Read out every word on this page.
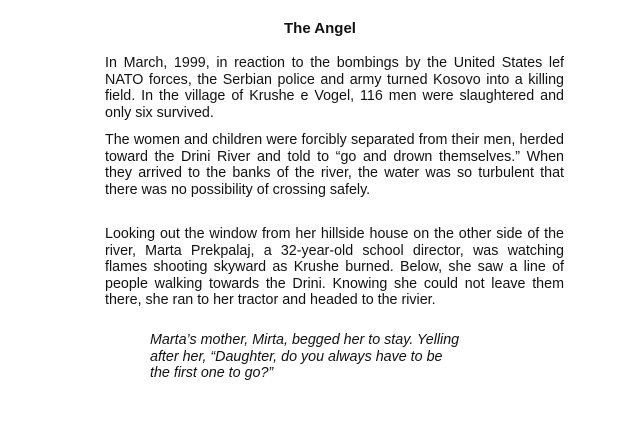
The Angel

In March, 1999, in reaction to the bombings by the United States lef NATO forces, the Serbian police and army turned Kosovo into a killing field. In the village of Krushe e Vogel, 116 men were slaughtered and only six survived.

The women and children were forcibly separated from their men, herded toward the Drini River and told to “go and drown themselves.” When they arrived to the banks of the river, the water was so turbulent that there was no possibility of crossing safely.

Looking out the window from her hillside house on the other side of the river, Marta Prekpalaj, a 32-year-old school director, was watching flames shooting skyward as Krushe burned. Below, she saw a line of people walking towards the Drini. Knowing she could not leave them there, she ran to her tractor and headed to the rivier.

Marta’s mother, Mirta, begged her to stay. Yelling
after her, “Daughter, do you always have to be
the first one to go?”
